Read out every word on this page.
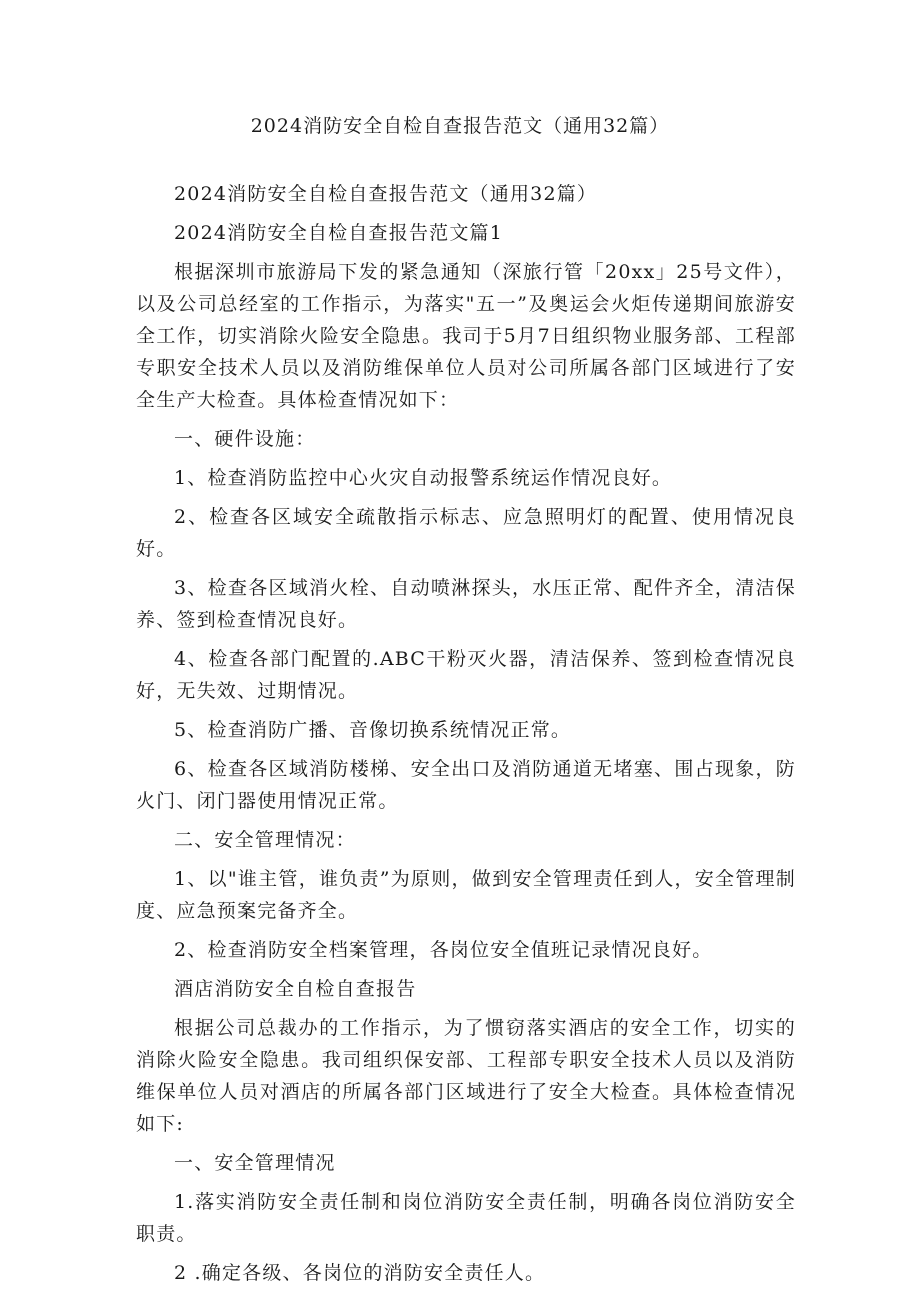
2024消防安全自检自查报告范文（通用32篇）

2024消防安全自检自查报告范文（通用32篇）

2024消防安全自检自查报告范文篇1

根据深圳市旅游局下发的紧急通知（深旅行管「20xx」25号文件），以及公司总经室的工作指示，为落实"五一”及奥运会火炬传递期间旅游安全工作，切实消除火险安全隐患。我司于5月7日组织物业服务部、工程部专职安全技术人员以及消防维保单位人员对公司所属各部门区域进行了安全生产大检查。具体检查情况如下：

一、硬件设施：

1、检查消防监控中心火灾自动报警系统运作情况良好。

2、检查各区域安全疏散指示标志、应急照明灯的配置、使用情况良好。

3、检查各区域消火栓、自动喷淋探头，水压正常、配件齐全，清洁保养、签到检查情况良好。

4、检查各部门配置的.ABC干粉灭火器，清洁保养、签到检查情况良好，无失效、过期情况。

5、检查消防广播、音像切换系统情况正常。

6、检查各区域消防楼梯、安全出口及消防通道无堵塞、围占现象，防火门、闭门器使用情况正常。

二、安全管理情况：

1、以"谁主管，谁负责”为原则，做到安全管理责任到人，安全管理制度、应急预案完备齐全。

2、检查消防安全档案管理，各岗位安全值班记录情况良好。

酒店消防安全自检自查报告

根据公司总裁办的工作指示，为了惯窃落实酒店的安全工作，切实的消除火险安全隐患。我司组织保安部、工程部专职安全技术人员以及消防维保单位人员对酒店的所属各部门区域进行了安全大检查。具体检查情况如下:

一、安全管理情况

1.落实消防安全责任制和岗位消防安全责任制，明确各岗位消防安全职责。

2 .确定各级、各岗位的消防安全责任人。
